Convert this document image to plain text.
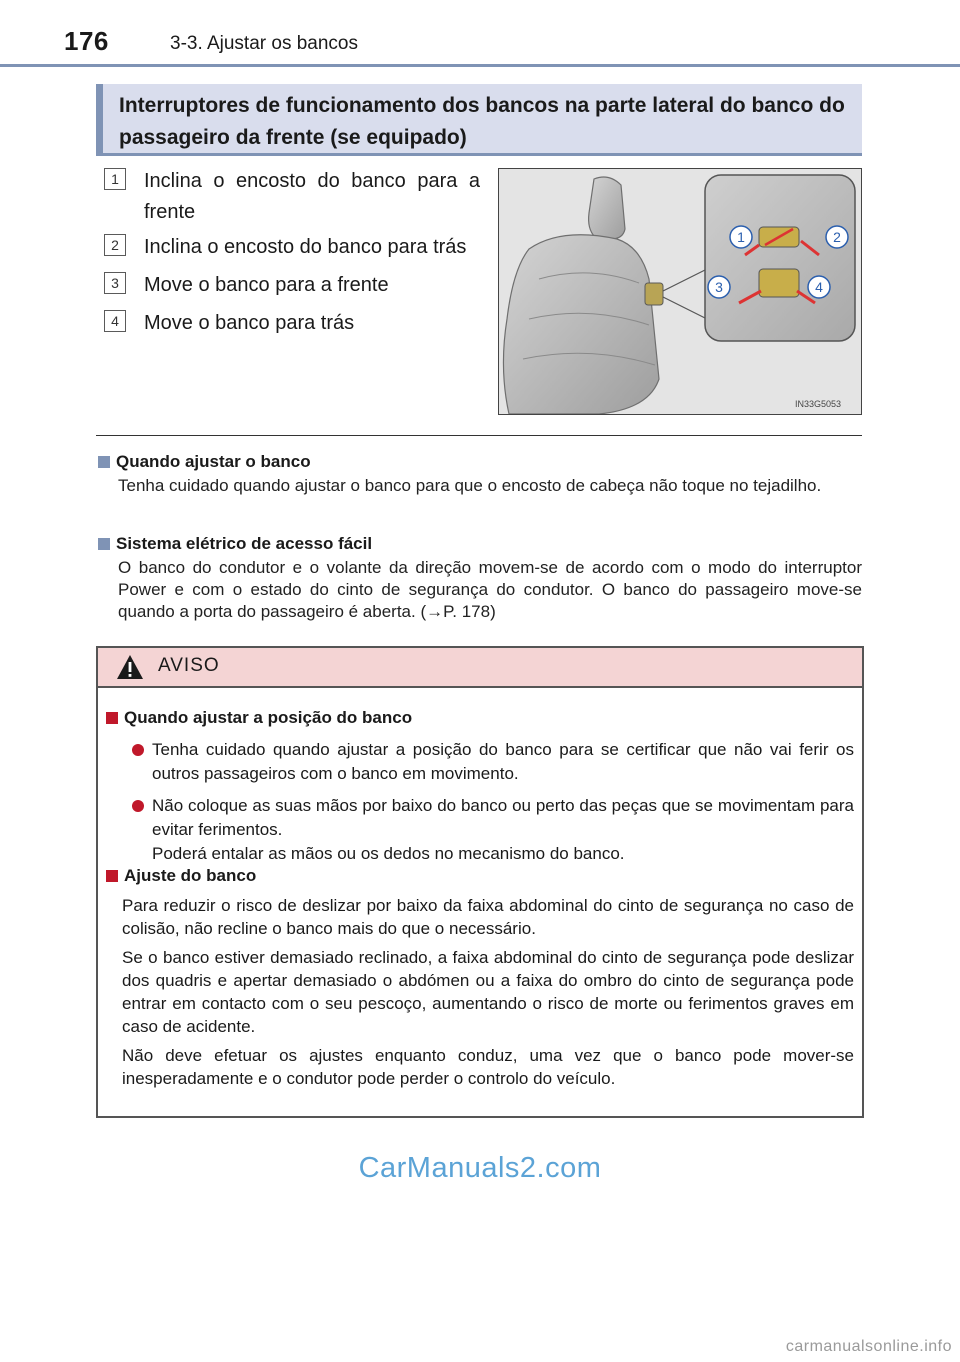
176	3-3. Ajustar os bancos
Interruptores de funcionamento dos bancos na parte lateral do banco do passageiro da frente (se equipado)
1	Inclina o encosto do banco para a frente
2	Inclina o encosto do banco para trás
3	Move o banco para a frente
4	Move o banco para trás
1	2
3	4
IN33G5053
Quando ajustar o banco
Tenha cuidado quando ajustar o banco para que o encosto de cabeça não toque no tejadilho.
Sistema elétrico de acesso fácil
O banco do condutor e o volante da direção movem-se de acordo com o modo do interruptor Power e com o estado do cinto de segurança do condutor. O banco do passageiro move-se quando a porta do passageiro é aberta. (→P. 178)
AVISO
Quando ajustar a posição do banco
Tenha cuidado quando ajustar a posição do banco para se certificar que não vai ferir os outros passageiros com o banco em movimento.
Não coloque as suas mãos por baixo do banco ou perto das peças que se movimentam para evitar ferimentos.
Poderá entalar as mãos ou os dedos no mecanismo do banco.
Ajuste do banco
Para reduzir o risco de deslizar por baixo da faixa abdominal do cinto de segurança no caso de colisão, não recline o banco mais do que o necessário.
Se o banco estiver demasiado reclinado, a faixa abdominal do cinto de segurança pode deslizar dos quadris e apertar demasiado o abdómen ou a faixa do ombro do cinto de segurança pode entrar em contacto com o seu pescoço, aumentando o risco de morte ou ferimentos graves em caso de acidente.
Não deve efetuar os ajustes enquanto conduz, uma vez que o banco pode mover-se inesperadamente e o condutor pode perder o controlo do veículo.
CarManuals2.com
carmanualsonline.info
